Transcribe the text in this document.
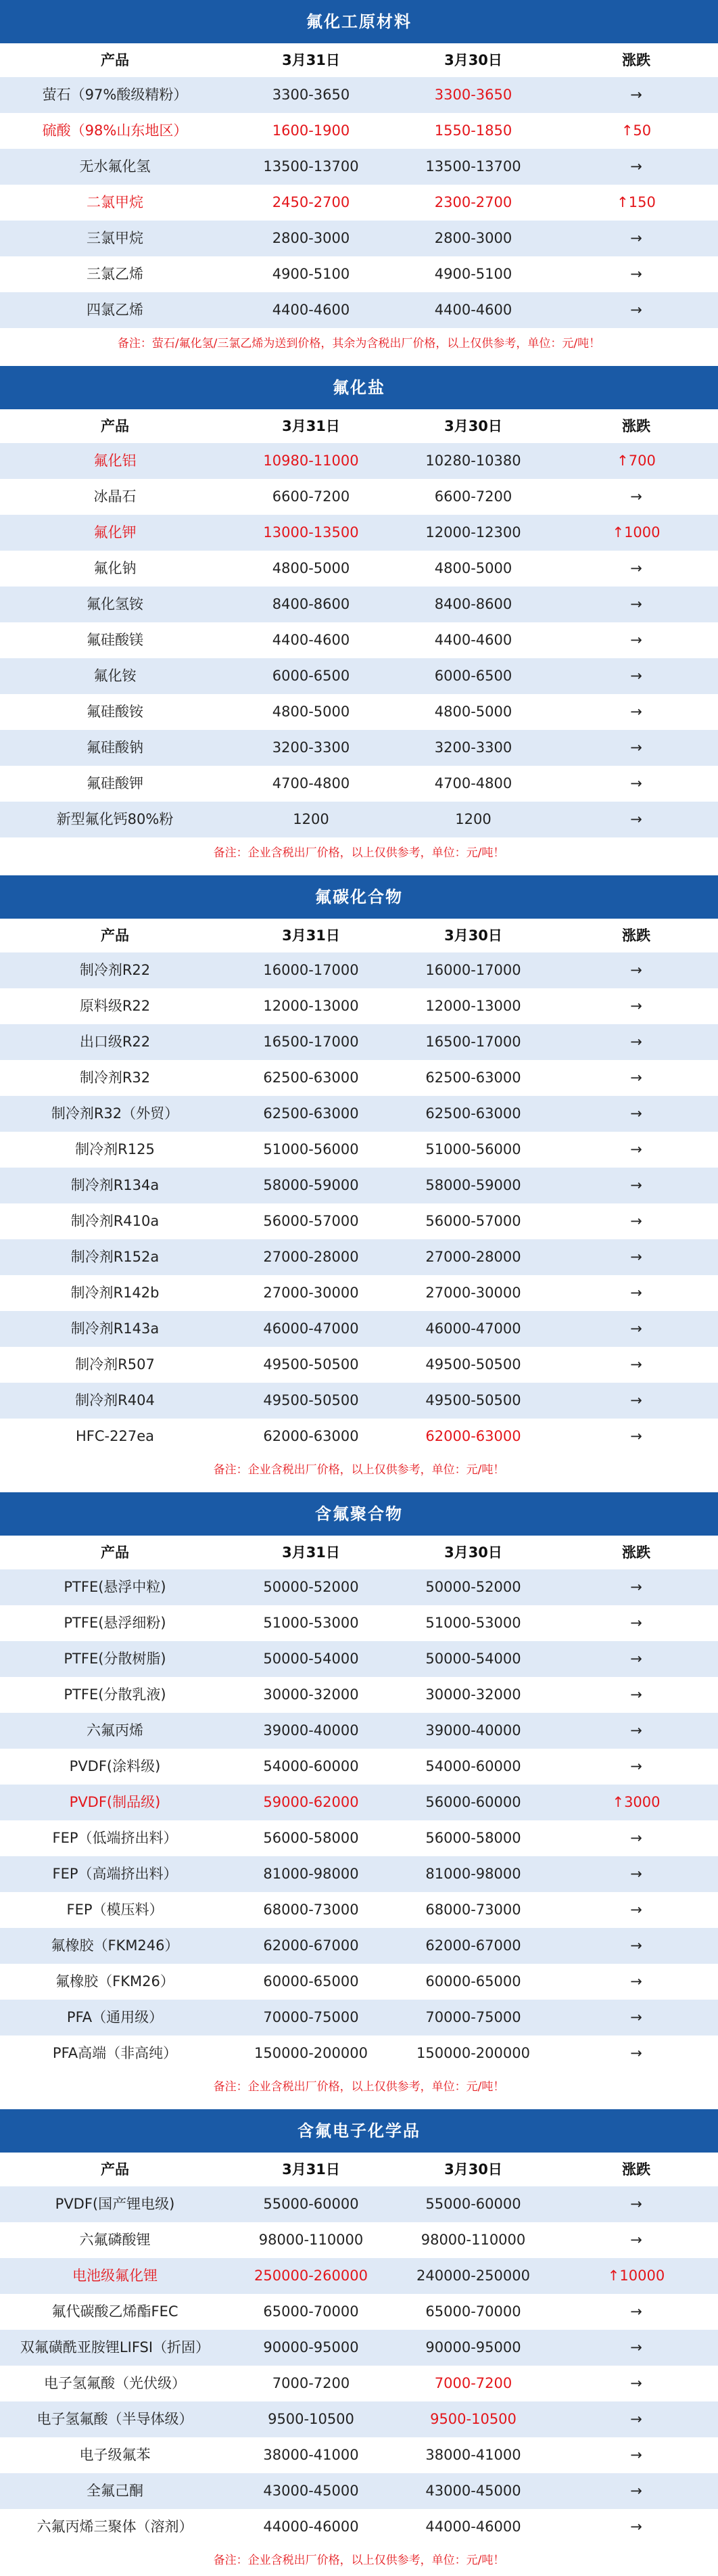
氟化工原材料
产品	3月31日	3月30日	涨跌
萤石（97%酸级精粉）	3300-3650	3300-3650	→
硫酸（98%山东地区）	1600-1900	1550-1850	↑50
无水氟化氢	13500-13700	13500-13700	→
二氯甲烷	2450-2700	2300-2700	↑150
三氯甲烷	2800-3000	2800-3000	→
三氯乙烯	4900-5100	4900-5100	→
四氯乙烯	4400-4600	4400-4600	→
备注：萤石/氟化氢/三氯乙烯为送到价格，其余为含税出厂价格，以上仅供参考，单位：元/吨！
氟化盐
产品	3月31日	3月30日	涨跌
氟化铝	10980-11000	10280-10380	↑700
冰晶石	6600-7200	6600-7200	→
氟化钾	13000-13500	12000-12300	↑1000
氟化钠	4800-5000	4800-5000	→
氟化氢铵	8400-8600	8400-8600	→
氟硅酸镁	4400-4600	4400-4600	→
氟化铵	6000-6500	6000-6500	→
氟硅酸铵	4800-5000	4800-5000	→
氟硅酸钠	3200-3300	3200-3300	→
氟硅酸钾	4700-4800	4700-4800	→
新型氟化钙80%粉	1200	1200	→
备注：企业含税出厂价格，以上仅供参考，单位：元/吨！
氟碳化合物
产品	3月31日	3月30日	涨跌
制冷剂R22	16000-17000	16000-17000	→
原料级R22	12000-13000	12000-13000	→
出口级R22	16500-17000	16500-17000	→
制冷剂R32	62500-63000	62500-63000	→
制冷剂R32（外贸）	62500-63000	62500-63000	→
制冷剂R125	51000-56000	51000-56000	→
制冷剂R134a	58000-59000	58000-59000	→
制冷剂R410a	56000-57000	56000-57000	→
制冷剂R152a	27000-28000	27000-28000	→
制冷剂R142b	27000-30000	27000-30000	→
制冷剂R143a	46000-47000	46000-47000	→
制冷剂R507	49500-50500	49500-50500	→
制冷剂R404	49500-50500	49500-50500	→
HFC-227ea	62000-63000	62000-63000	→
备注：企业含税出厂价格，以上仅供参考，单位：元/吨！
含氟聚合物
产品	3月31日	3月30日	涨跌
PTFE(悬浮中粒)	50000-52000	50000-52000	→
PTFE(悬浮细粉)	51000-53000	51000-53000	→
PTFE(分散树脂)	50000-54000	50000-54000	→
PTFE(分散乳液)	30000-32000	30000-32000	→
六氟丙烯	39000-40000	39000-40000	→
PVDF(涂料级)	54000-60000	54000-60000	→
PVDF(制品级)	59000-62000	56000-60000	↑3000
FEP（低端挤出料）	56000-58000	56000-58000	→
FEP（高端挤出料）	81000-98000	81000-98000	→
FEP（模压料）	68000-73000	68000-73000	→
氟橡胶（FKM246）	62000-67000	62000-67000	→
氟橡胶（FKM26）	60000-65000	60000-65000	→
PFA（通用级）	70000-75000	70000-75000	→
PFA高端（非高纯）	150000-200000	150000-200000	→
备注：企业含税出厂价格，以上仅供参考，单位：元/吨！
含氟电子化学品
产品	3月31日	3月30日	涨跌
PVDF(国产锂电级)	55000-60000	55000-60000	→
六氟磷酸锂	98000-110000	98000-110000	→
电池级氟化锂	250000-260000	240000-250000	↑10000
氟代碳酸乙烯酯FEC	65000-70000	65000-70000	→
双氟磺酰亚胺锂LIFSI（折固）	90000-95000	90000-95000	→
电子氢氟酸（光伏级）	7000-7200	7000-7200	→
电子氢氟酸（半导体级）	9500-10500	9500-10500	→
电子级氟苯	38000-41000	38000-41000	→
全氟己酮	43000-45000	43000-45000	→
六氟丙烯三聚体（溶剂）	44000-46000	44000-46000	→
备注：企业含税出厂价格，以上仅供参考，单位：元/吨！
